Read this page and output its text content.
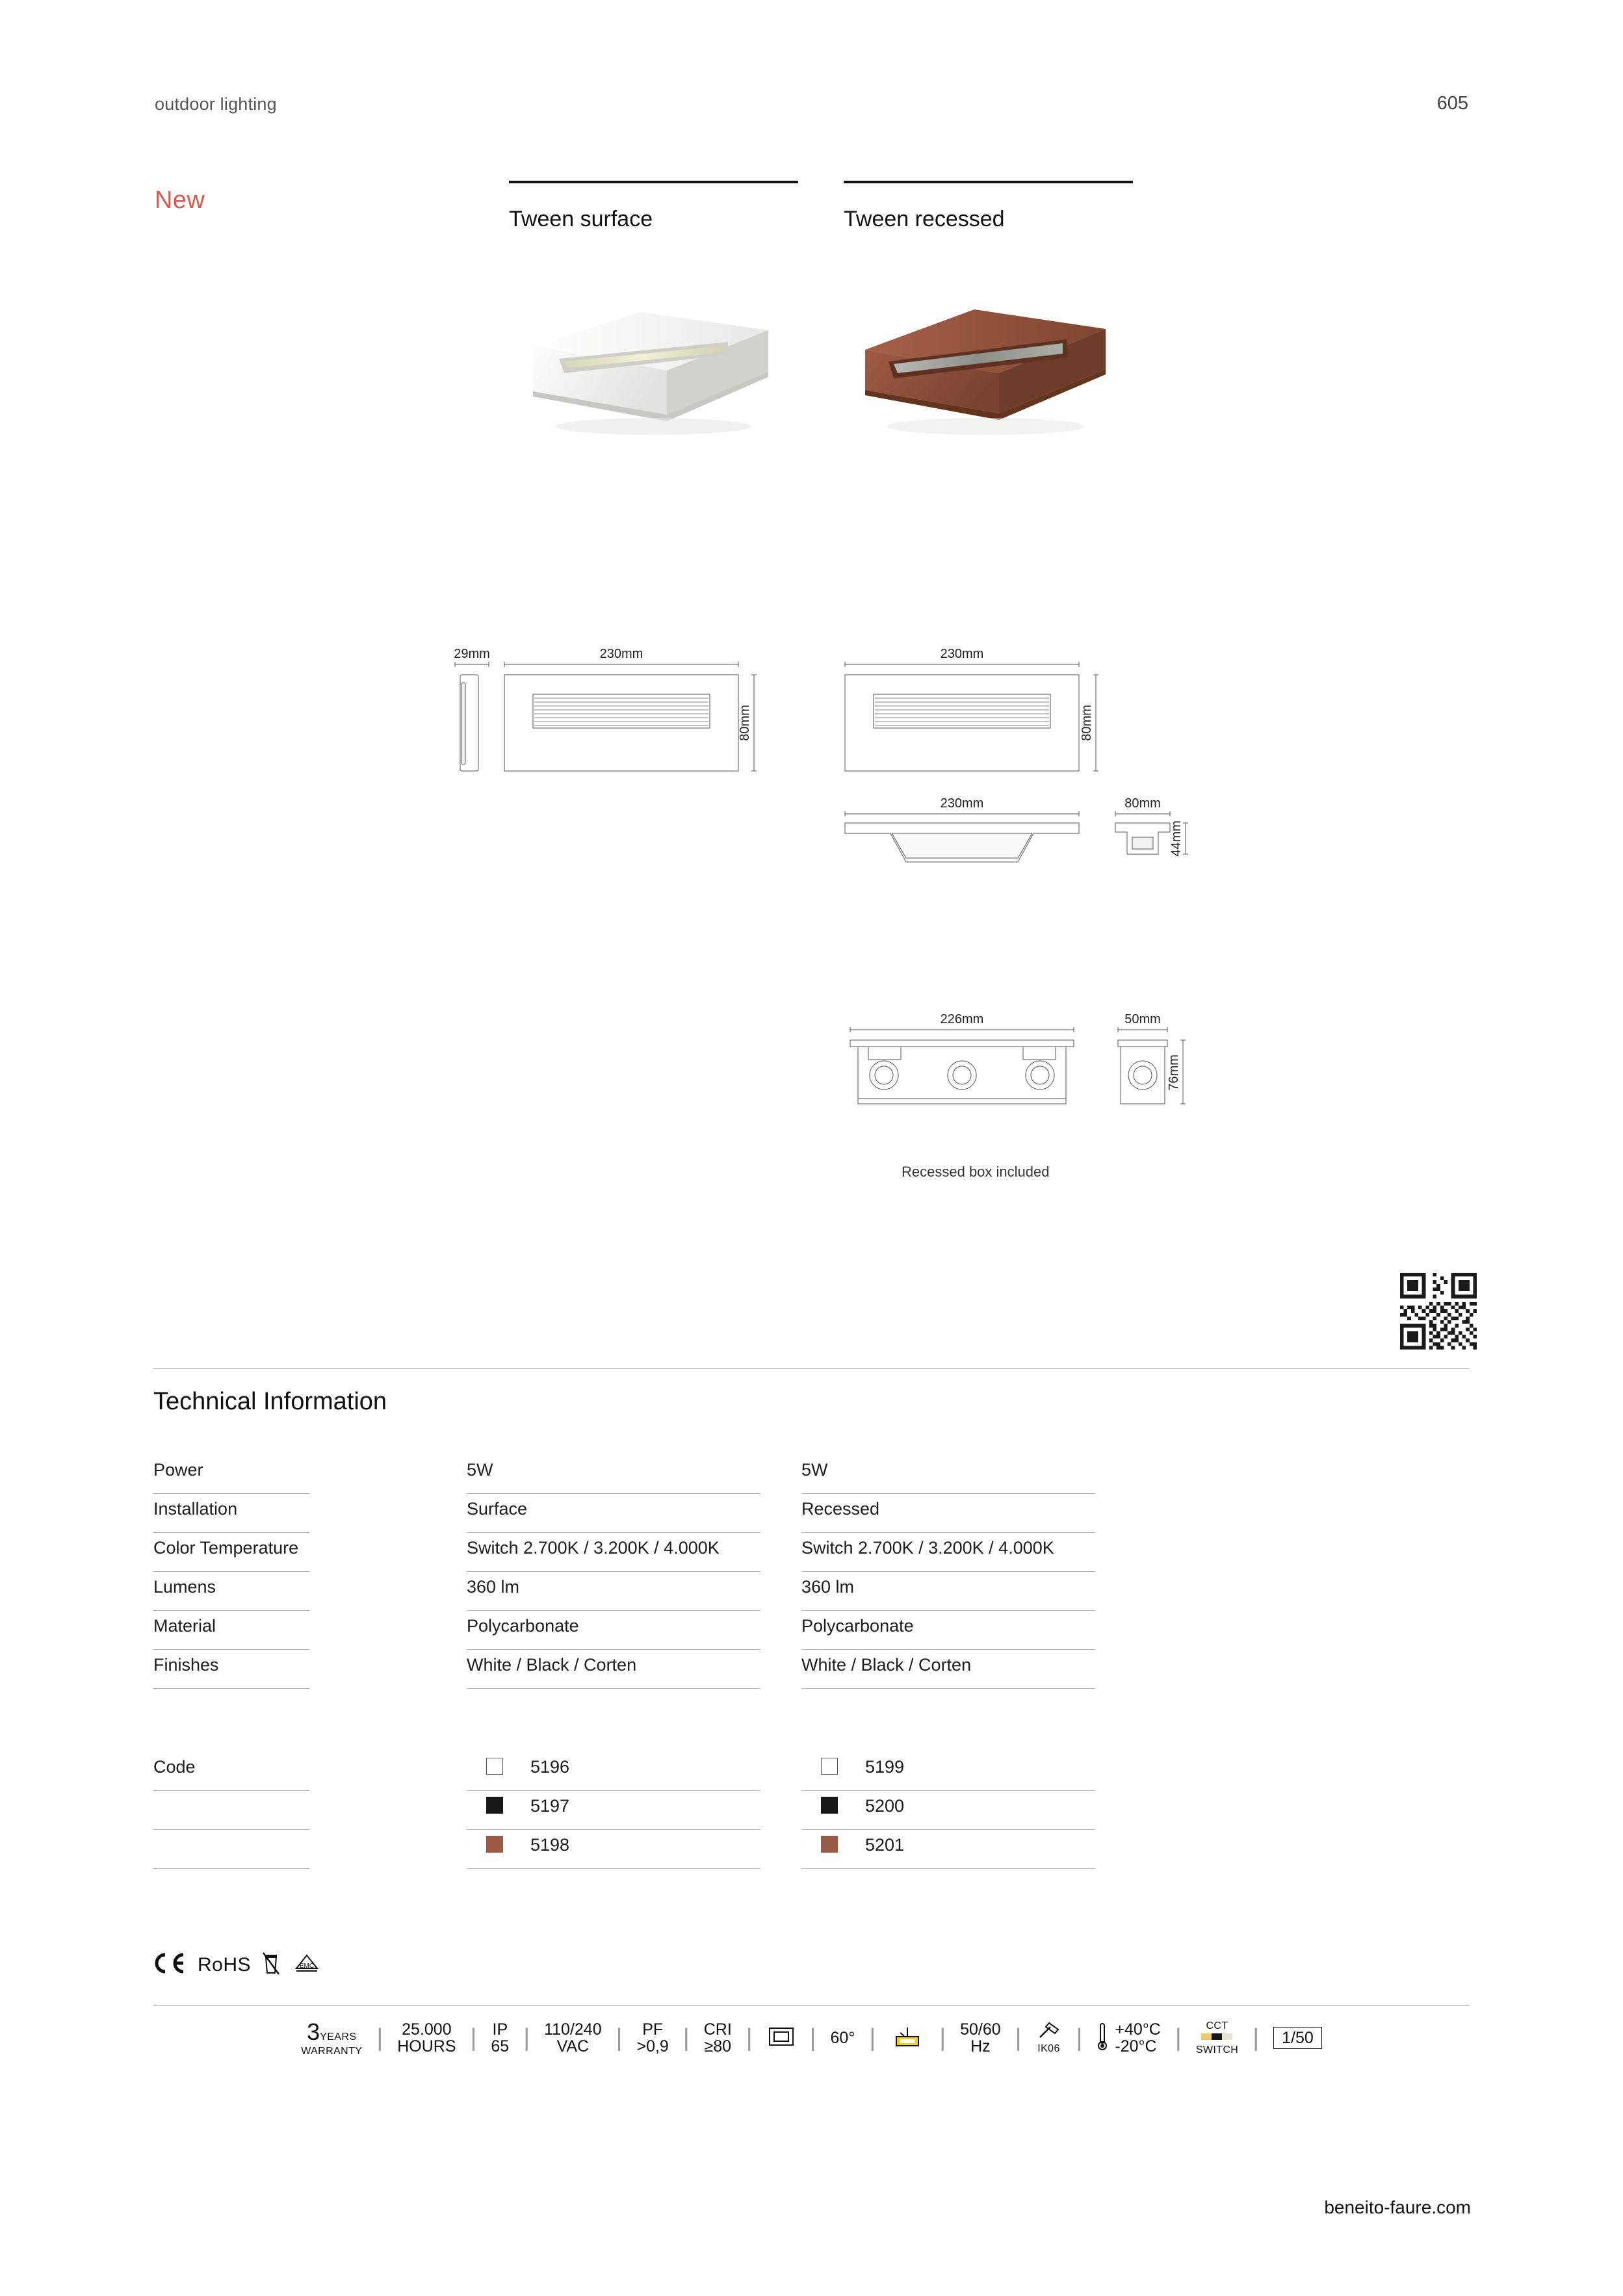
outdoor lighting	605
New
Tween surface	Tween recessed
29mm	230mm
80mm
230mm
80mm
230mm	80mm
44mm
226mm	50mm
76mm
Recessed box included
Technical Information
Power	5W	5W
Installation	Surface	Recessed
Color Temperature	Switch 2.700K / 3.200K / 4.000K	Switch 2.700K / 3.200K / 4.000K
Lumens	360 lm	360 lm
Material	Polycarbonate	Polycarbonate
Finishes	White / Black / Corten	White / Black / Corten
Code	5196	5199
5197	5200
5198	5201
RoHS	EMC
3YEARS
WARRANTY | 25.000
HOURS | IP
65 | 110/240
VAC | PF
>0,9 | CRI
≥80 | | 60° |	| 50/60
Hz | IK06 | +40°C
-20°C | CCT
SWITCH |	1/50
beneito-faure.com
